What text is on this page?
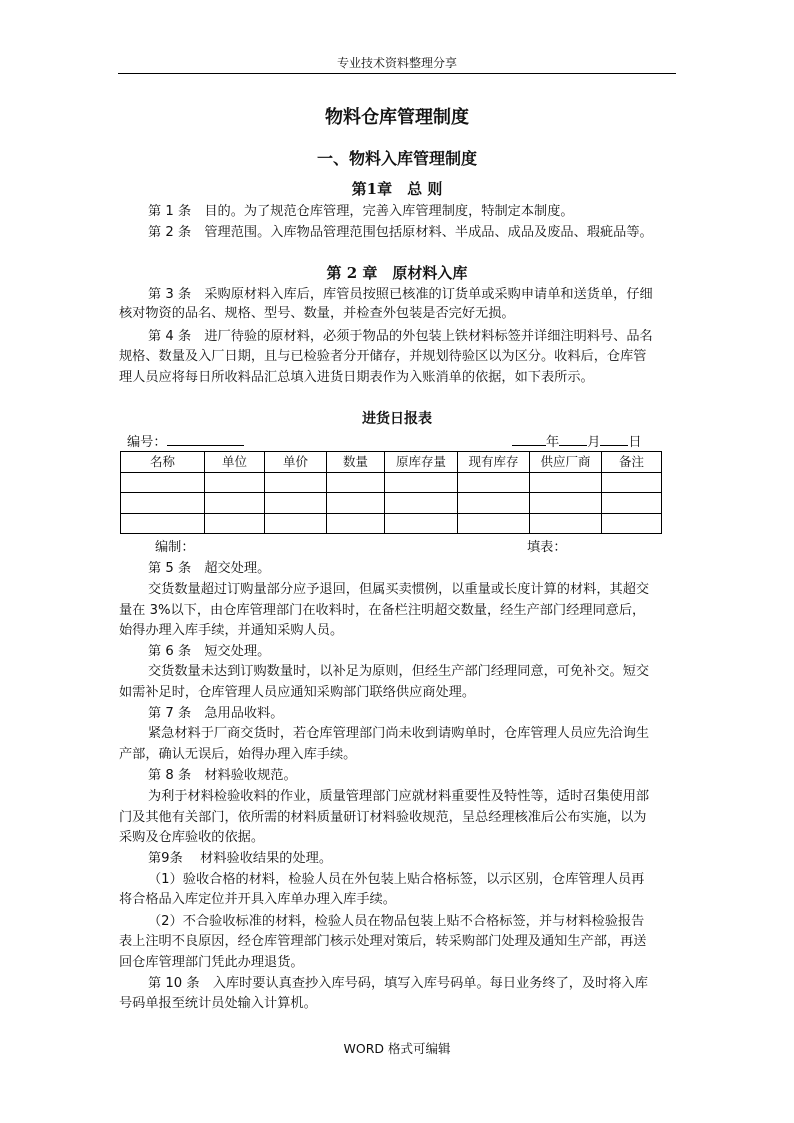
专业技术资料整理分享
物料仓库管理制度
一、物料入库管理制度
第1章　总 则
第 1 条　目的。为了规范仓库管理，完善入库管理制度，特制定本制度。
第 2 条　管理范围。入库物品管理范围包括原材料、半成品、成品及废品、瑕疵品等。
第 2 章　原材料入库
第 3 条　采购原材料入库后，库管员按照已核准的订货单或采购申请单和送货单，仔细
核对物资的品名、规格、型号、数量，并检查外包装是否完好无损。
第 4 条　进厂待验的原材料，必须于物品的外包装上铁材料标签并详细注明料号、品名
规格、数量及入厂日期，且与已检验者分开储存，并规划待验区以为区分。收料后，仓库管
理人员应将每日所收料品汇总填入进货日期表作为入账消单的依据，如下表所示。
进货日报表
编号：	年 月 日
名称	单位	单价	数量	原库存量	现有库存	供应厂商	备注

编制：	填表：
第 5 条　超交处理。
交货数量超过订购量部分应予退回，但属买卖惯例，以重量或长度计算的材料，其超交
量在 3%以下，由仓库管理部门在收料时，在备栏注明超交数量，经生产部门经理同意后，
始得办理入库手续，并通知采购人员。
第 6 条　短交处理。
交货数量未达到订购数量时，以补足为原则，但经生产部门经理同意，可免补交。短交
如需补足时，仓库管理人员应通知采购部门联络供应商处理。
第 7 条　急用品收料。
紧急材料于厂商交货时，若仓库管理部门尚未收到请购单时，仓库管理人员应先洽询生
产部，确认无误后，始得办理入库手续。
第 8 条　材料验收规范。
为利于材料检验收料的作业，质量管理部门应就材料重要性及特性等，适时召集使用部
门及其他有关部门，依所需的材料质量研订材料验收规范，呈总经理核准后公布实施，以为
采购及仓库验收的依据。
第9条　 材料验收结果的处理。
（1）验收合格的材料，检验人员在外包装上贴合格标签，以示区别，仓库管理人员再
将合格品入库定位并开具入库单办理入库手续。
（2）不合验收标准的材料，检验人员在物品包装上贴不合格标签，并与材料检验报告
表上注明不良原因，经仓库管理部门核示处理对策后，转采购部门处理及通知生产部，再送
回仓库管理部门凭此办理退货。
第 10 条　入库时要认真查抄入库号码，填写入库号码单。每日业务终了，及时将入库
号码单报至统计员处输入计算机。
WORD 格式可编辑
